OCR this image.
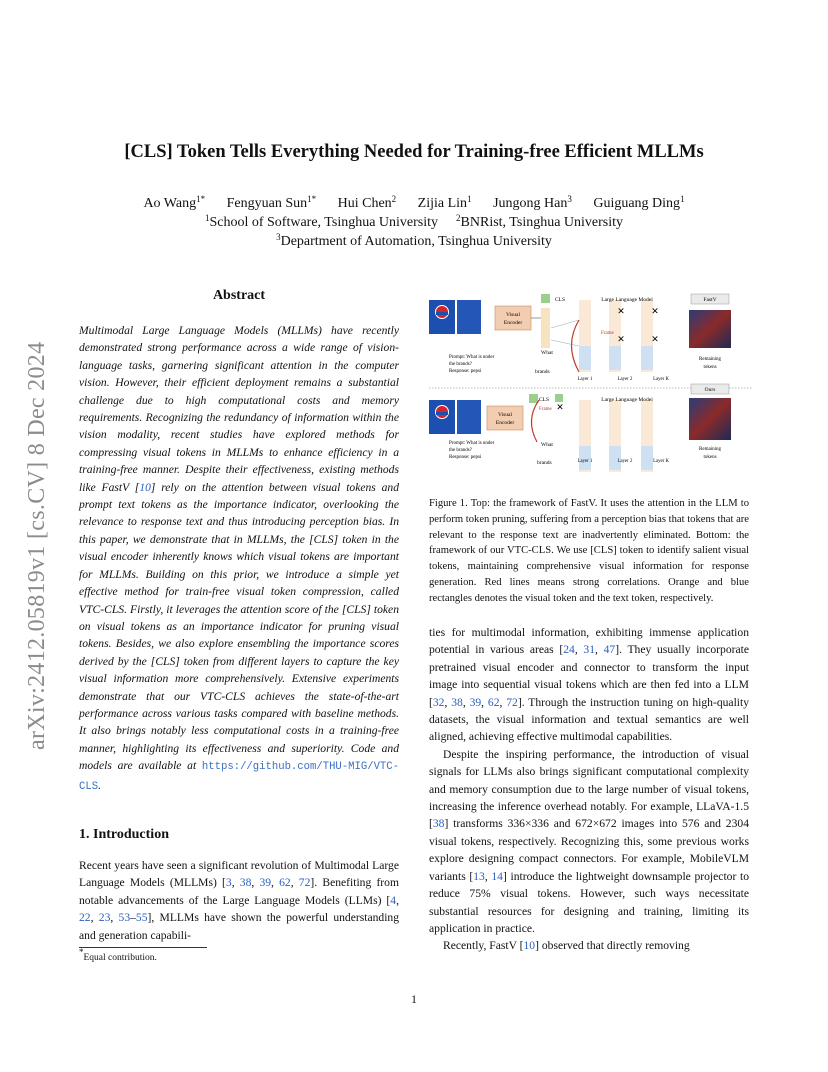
arXiv:2412.05819v1 [cs.CV] 8 Dec 2024
[CLS] Token Tells Everything Needed for Training-free Efficient MLLMs
Ao Wang$^{1*}$ Fengyuan Sun$^{1*}$ Hui Chen$^2$ Zijia Lin$^1$ Jungong Han$^3$ Guiguang Ding$^1$
$^1$School of Software, Tsinghua University $^2$BNRist, Tsinghua University
$^3$Department of Automation, Tsinghua University
Abstract
Multimodal Large Language Models (MLLMs) have recently demonstrated strong performance across a wide range of vision-language tasks, garnering significant attention in the computer vision. However, their efficient deployment remains a substantial challenge due to high computational costs and memory requirements. Recognizing the redundancy of information within the vision modality, recent studies have explored methods for compressing visual tokens in MLLMs to enhance efficiency in a training-free manner. Despite their effectiveness, existing methods like FastV [10] rely on the attention between visual tokens and prompt text tokens as the importance indicator, overlooking the relevance to response text and thus introducing perception bias. In this paper, we demonstrate that in MLLMs, the [CLS] token in the visual encoder inherently knows which visual tokens are important for MLLMs. Building on this prior, we introduce a simple yet effective method for train-free visual token compression, called VTC-CLS. Firstly, it leverages the attention score of the [CLS] token on visual tokens as an importance indicator for pruning visual tokens. Besides, we also explore ensembling the importance scores derived by the [CLS] token from different layers to capture the key visual information more comprehensively. Extensive experiments demonstrate that our VTC-CLS achieves the state-of-the-art performance across various tasks compared with baseline methods. It also brings notably less computational costs in a training-free manner, highlighting its effectiveness and superiority. Code and models are available at https://github.com/THU-MIG/VTC-CLS.
1. Introduction
Recent years have seen a significant revolution of Multimodal Large Language Models (MLLMs) [3, 38, 39, 62, 72]. Benefiting from notable advancements of the Large Language Models (LLMs) [4, 22, 23, 53–55], MLLMs have shown the powerful understanding and generation capabili-
*Equal contribution.
Visual
Encoder
CLS
What
brands
Large Language Model
Frame
✕	✕
✕	✕
Layer 1	Layer 2	Layer K
Prompt: What is under
the brands?
Response: pepsi
FastV
Remaining
tokens
Visual
Encoder
CLS
Frame ✕
Large Language Model
What
brands	Layer 1	Layer 2	Layer K
Prompt: What is under
the brands?
Response: pepsi
Ours
Remaining
tokens
Figure 1. Top: the framework of FastV. It uses the attention in the LLM to perform token pruning, suffering from a perception bias that tokens that are relevant to the response text are inadvertently eliminated. Bottom: the framework of our VTC-CLS. We use [CLS] token to identify salient visual tokens, maintaining comprehensive visual information for response generation. Red lines means strong correlations. Orange and blue rectangles denotes the visual token and the text token, respectively.

ties for multimodal information, exhibiting immense application potential in various areas [24, 31, 47]. They usually incorporate pretrained visual encoder and connector to transform the input image into sequential visual tokens which are then fed into a LLM [32, 38, 39, 62, 72]. Through the instruction tuning on high-quality datasets, the visual information and textual semantics are well aligned, achieving effective multimodal capabilities.

Despite the inspiring performance, the introduction of visual signals for LLMs also brings significant computational complexity and memory consumption due to the large number of visual tokens, increasing the inference overhead notably. For example, LLaVA-1.5 [38] transforms 336×336 and 672×672 images into 576 and 2304 visual tokens, respectively. Recognizing this, some previous works explore designing compact connectors. For example, MobileVLM variants [13, 14] introduce the lightweight downsample projector to reduce 75% visual tokens. However, such ways necessitate substantial resources for designing and training, limiting its application in practice.

Recently, FastV [10] observed that directly removing

1
